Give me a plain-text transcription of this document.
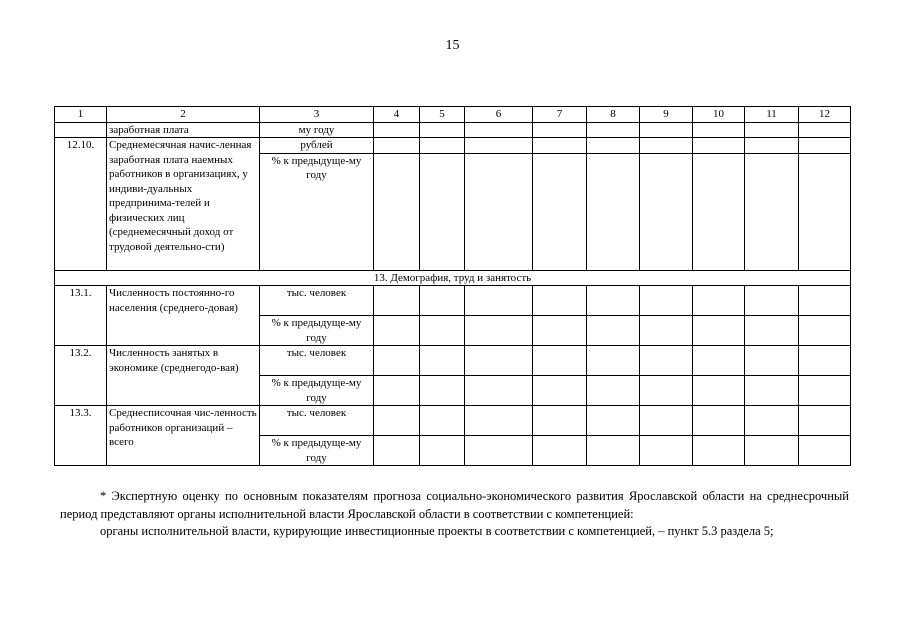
15
1	2	3	4	5	6	7	8	9	10	11	12
	заработная плата	му году									
12.10.	Среднемесячная начис-ленная заработная плата наемных работников в организациях, у индиви-дуальных предпринима-телей и физических лиц (среднемесячный доход от трудовой деятельно-сти)	рублей									
		% к предыдуще-му году									
13. Демография, труд и занятость											
13.1.	Численность постоянно-го населения (среднего-довая)	тыс. человек									
		% к предыдуще-му году									
13.2.	Численность занятых в экономике (среднегодо-вая)	тыс. человек									
		% к предыдуще-му году									
13.3.	Среднесписочная чис-ленность работников организаций – всего	тыс. человек									
		% к предыдуще-му году									

* Экспертную оценку по основным показателям прогноза социально-экономического развития Ярославской области на среднесрочный период представляют органы исполнительной власти Ярославской области в соответствии с компетенцией:

органы исполнительной власти, курирующие инвестиционные проекты в соответствии с компетенцией, – пункт 5.3 раздела 5;
